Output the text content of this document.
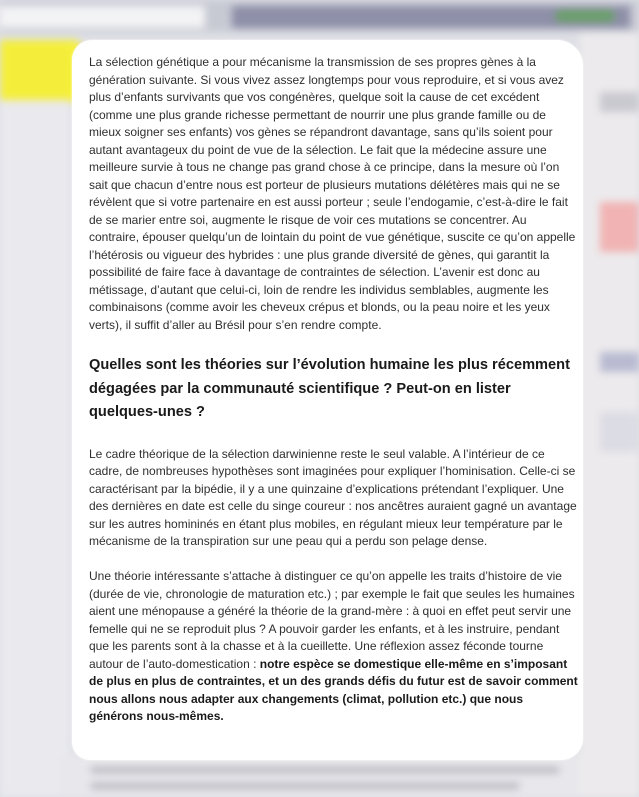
La sélection génétique a pour mécanisme la transmission de ses propres gènes à la génération suivante. Si vous vivez assez longtemps pour vous reproduire, et si vous avez plus d’enfants survivants que vos congénères, quelque soit la cause de cet excédent (comme une plus grande richesse permettant de nourrir une plus grande famille ou de mieux soigner ses enfants) vos gènes se répandront davantage, sans qu’ils soient pour autant avantageux du point de vue de la sélection. Le fait que la médecine assure une meilleure survie à tous ne change pas grand chose à ce principe, dans la mesure où l’on sait que chacun d’entre nous est porteur de plusieurs mutations délétères mais qui ne se révèlent que si votre partenaire en est aussi porteur ; seule l’endogamie, c’est-à-dire le fait de se marier entre soi, augmente le risque de voir ces mutations se concentrer. Au contraire, épouser quelqu’un de lointain du point de vue génétique, suscite ce qu’on appelle l’hétérosis ou vigueur des hybrides : une plus grande diversité de gènes, qui garantit la possibilité de faire face à davantage de contraintes de sélection. L’avenir est donc au métissage, d’autant que celui-ci, loin de rendre les individus semblables, augmente les combinaisons (comme avoir les cheveux crépus et blonds, ou la peau noire et les yeux verts), il suffit d’aller au Brésil pour s’en rendre compte.

Quelles sont les théories sur l’évolution humaine les plus récemment dégagées par la communauté scientifique ? Peut-on en lister quelques-unes ?

Le cadre théorique de la sélection darwinienne reste le seul valable. A l’intérieur de ce cadre, de nombreuses hypothèses sont imaginées pour expliquer l’hominisation. Celle-ci se caractérisant par la bipédie, il y a une quinzaine d’explications prétendant l’expliquer. Une des dernières en date est celle du singe coureur : nos ancêtres auraient gagné un avantage sur les autres homininés en étant plus mobiles, en régulant mieux leur température par le mécanisme de la transpiration sur une peau qui a perdu son pelage dense.

Une théorie intéressante s’attache à distinguer ce qu’on appelle les traits d’histoire de vie (durée de vie, chronologie de maturation etc.) ; par exemple le fait que seules les humaines aient une ménopause a généré la théorie de la grand-mère : à quoi en effet peut servir une femelle qui ne se reproduit plus ? A pouvoir garder les enfants, et à les instruire, pendant que les parents sont à la chasse et à la cueillette. Une réflexion assez féconde tourne autour de l’auto-domestication : notre espèce se domestique elle-même en s’imposant de plus en plus de contraintes, et un des grands défis du futur est de savoir comment nous allons nous adapter aux changements (climat, pollution etc.) que nous générons nous-mêmes.
